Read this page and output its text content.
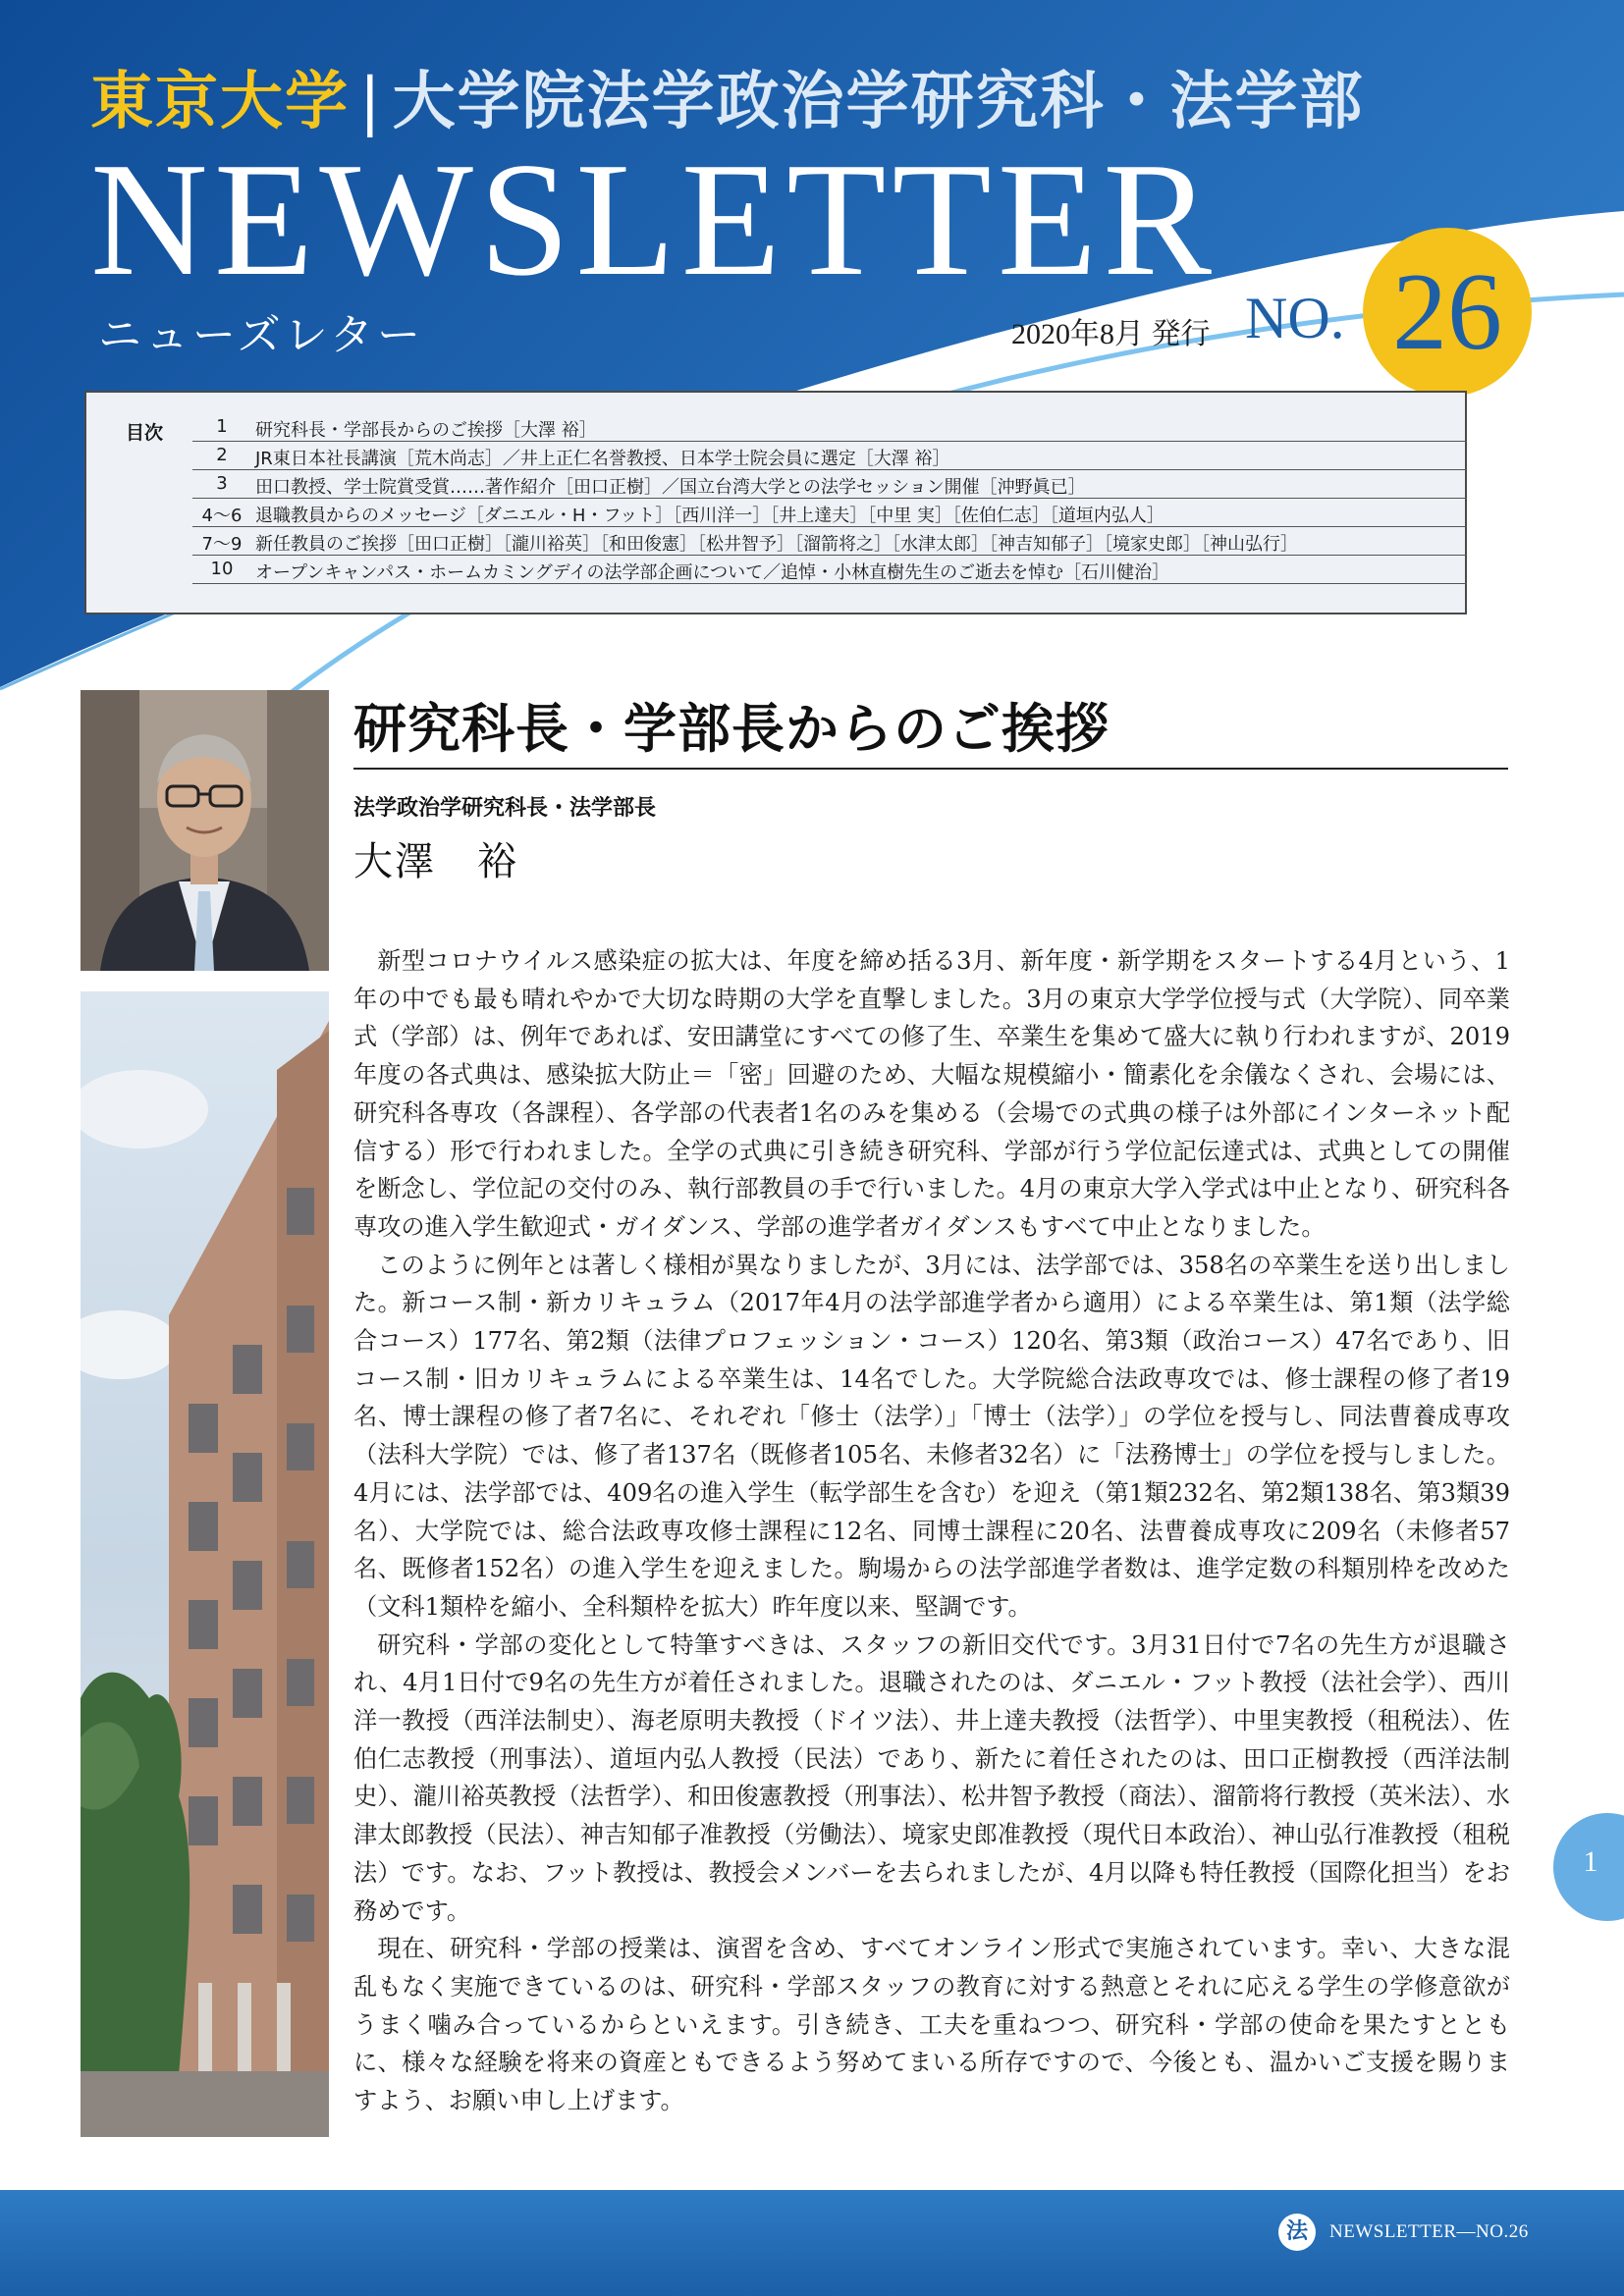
東京大学 | 大学院法学政治学研究科・法学部
NEWSLETTER
ニューズレター	2020年8月 発行 NO. 26
目次	1	研究科長・学部長からのご挨拶［大澤 裕］
2	JR東日本社長講演［荒木尚志］／井上正仁名誉教授、日本学士院会員に選定［大澤 裕］
3	田口教授、学士院賞受賞……著作紹介［田口正樹］／国立台湾大学との法学セッション開催［沖野眞已］
4～6 退職教員からのメッセージ［ダニエル・H・フット］［西川洋一］［井上達夫］［中里 実］［佐伯仁志］［道垣内弘人］
7～9 新任教員のご挨拶［田口正樹］［瀧川裕英］［和田俊憲］［松井智予］［溜箭将之］［水津太郎］［神吉知郁子］［境家史郎］［神山弘行］
10	オープンキャンパス・ホームカミングデイの法学部企画について／追悼・小林直樹先生のご逝去を悼む［石川健治］
研究科長・学部長からのご挨拶
法学政治学研究科長・法学部長
大澤　裕

新型コロナウイルス感染症の拡大は、年度を締め括る3月、新年度・新学期をスタートする4月という、1年の中でも最も晴れやかで大切な時期の大学を直撃しました。3月の東京大学学位授与式（大学院）、同卒業式（学部）は、例年であれば、安田講堂にすべての修了生、卒業生を集めて盛大に執り行われますが、2019年度の各式典は、感染拡大防止＝「密」回避のため、大幅な規模縮小・簡素化を余儀なくされ、会場には、研究科各専攻（各課程）、各学部の代表者1名のみを集める（会場での式典の様子は外部にインターネット配信する）形で行われました。全学の式典に引き続き研究科、学部が行う学位記伝達式は、式典としての開催を断念し、学位記の交付のみ、執行部教員の手で行いました。4月の東京大学入学式は中止となり、研究科各専攻の進入学生歓迎式・ガイダンス、学部の進学者ガイダンスもすべて中止となりました。

このように例年とは著しく様相が異なりましたが、3月には、法学部では、358名の卒業生を送り出しました。新コース制・新カリキュラム（2017年4月の法学部進学者から適用）による卒業生は、第1類（法学総合コース）177名、第2類（法律プロフェッション・コース）120名、第3類（政治コース）47名であり、旧コース制・旧カリキュラムによる卒業生は、14名でした。大学院総合法政専攻では、修士課程の修了者19名、博士課程の修了者7名に、それぞれ「修士（法学）」「博士（法学）」の学位を授与し、同法曹養成専攻（法科大学院）では、修了者137名（既修者105名、未修者32名）に「法務博士」の学位を授与しました。4月には、法学部では、409名の進入学生（転学部生を含む）を迎え（第1類232名、第2類138名、第3類39名）、大学院では、総合法政専攻修士課程に12名、同博士課程に20名、法曹養成専攻に209名（未修者57名、既修者152名）の進入学生を迎えました。駒場からの法学部進学者数は、進学定数の科類別枠を改めた（文科1類枠を縮小、全科類枠を拡大）昨年度以来、堅調です。

研究科・学部の変化として特筆すべきは、スタッフの新旧交代です。3月31日付で7名の先生方が退職され、4月1日付で9名の先生方が着任されました。退職されたのは、ダニエル・フット教授（法社会学）、西川洋一教授（西洋法制史）、海老原明夫教授（ドイツ法）、井上達夫教授（法哲学）、中里実教授（租税法）、佐伯仁志教授（刑事法）、道垣内弘人教授（民法）であり、新たに着任されたのは、田口正樹教授（西洋法制史）、瀧川裕英教授（法哲学）、和田俊憲教授（刑事法）、松井智予教授（商法）、溜箭将行教授（英米法）、水津太郎教授（民法）、神吉知郁子准教授（労働法）、境家史郎准教授（現代日本政治）、神山弘行准教授（租税法）です。なお、フット教授は、教授会メンバーを去られましたが、4月以降も特任教授（国際化担当）をお務めです。

現在、研究科・学部の授業は、演習を含め、すべてオンライン形式で実施されています。幸い、大きな混乱もなく実施できているのは、研究科・学部スタッフの教育に対する熱意とそれに応える学生の学修意欲がうまく噛み合っているからといえます。引き続き、工夫を重ねつつ、研究科・学部の使命を果たすとともに、様々な経験を将来の資産ともできるよう努めてまいる所存ですので、今後とも、温かいご支援を賜りますよう、お願い申し上げます。

1
法	NEWSLETTER—NO.26
